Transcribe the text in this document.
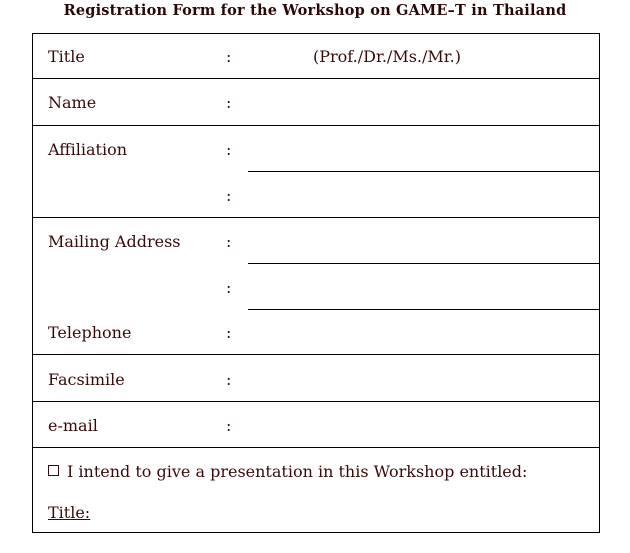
Registration Form for the Workshop on GAME–T in Thailand
Title	:	(Prof./Dr./Ms./Mr.)
Name	:
Affiliation	:
:
Mailing Address	:
:
Telephone	:
Facsimile	:
e-mail	:
I intend to give a presentation in this Workshop entitled:
Title:
